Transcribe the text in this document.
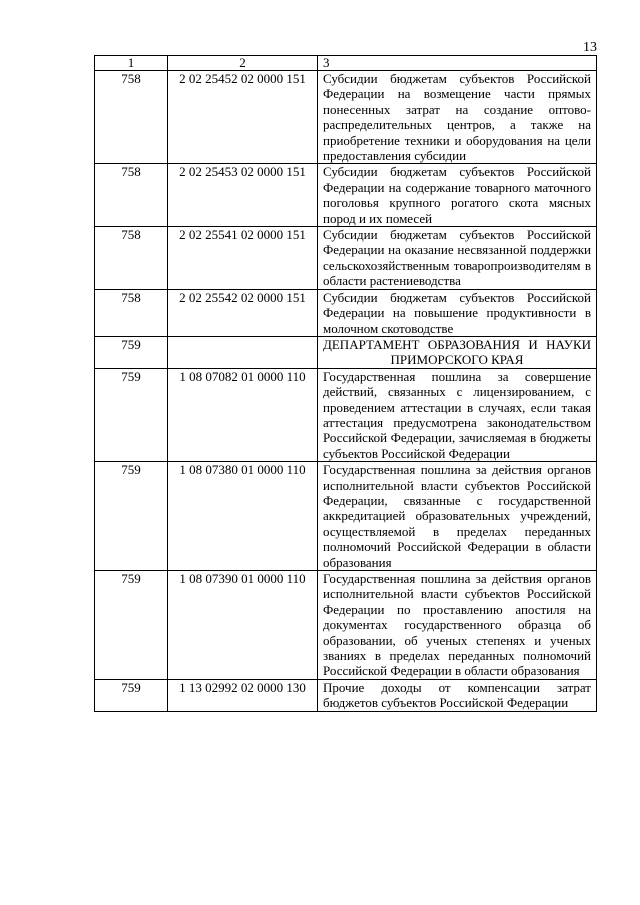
13
1	2	3
758	2 02 25452 02 0000 151	Субсидии бюджетам субъектов Российской Федерации на возмещение части прямых понесенных затрат на создание оптово-распределительных центров, а также на приобретение техники и оборудования на цели предоставления субсидии
758	2 02 25453 02 0000 151	Субсидии бюджетам субъектов Российской Федерации на содержание товарного маточного поголовья крупного рогатого скота мясных пород и их помесей
758	2 02 25541 02 0000 151	Субсидии бюджетам субъектов Российской Федерации на оказание несвязанной поддержки сельскохозяйственным товаропроизводителям в области растениеводства
758	2 02 25542 02 0000 151	Субсидии бюджетам субъектов Российской Федерации на повышение продуктивности в молочном скотоводстве
759		ДЕПАРТАМЕНТ ОБРАЗОВАНИЯ И НАУКИ ПРИМОРСКОГО КРАЯ
759	1 08 07082 01 0000 110	Государственная пошлина за совершение действий, связанных с лицензированием, с проведением аттестации в случаях, если такая аттестация предусмотрена законодательством Российской Федерации, зачисляемая в бюджеты субъектов Российской Федерации
759	1 08 07380 01 0000 110	Государственная пошлина за действия органов исполнительной власти субъектов Российской Федерации, связанные с государственной аккредитацией образовательных учреждений, осуществляемой в пределах переданных полномочий Российской Федерации в области образования
759	1 08 07390 01 0000 110	Государственная пошлина за действия органов исполнительной власти субъектов Российской Федерации по проставлению апостиля на документах государственного образца об образовании, об ученых степенях и ученых званиях в пределах переданных полномочий Российской Федерации в области образования
759	1 13 02992 02 0000 130	Прочие доходы от компенсации затрат бюджетов субъектов Российской Федерации
